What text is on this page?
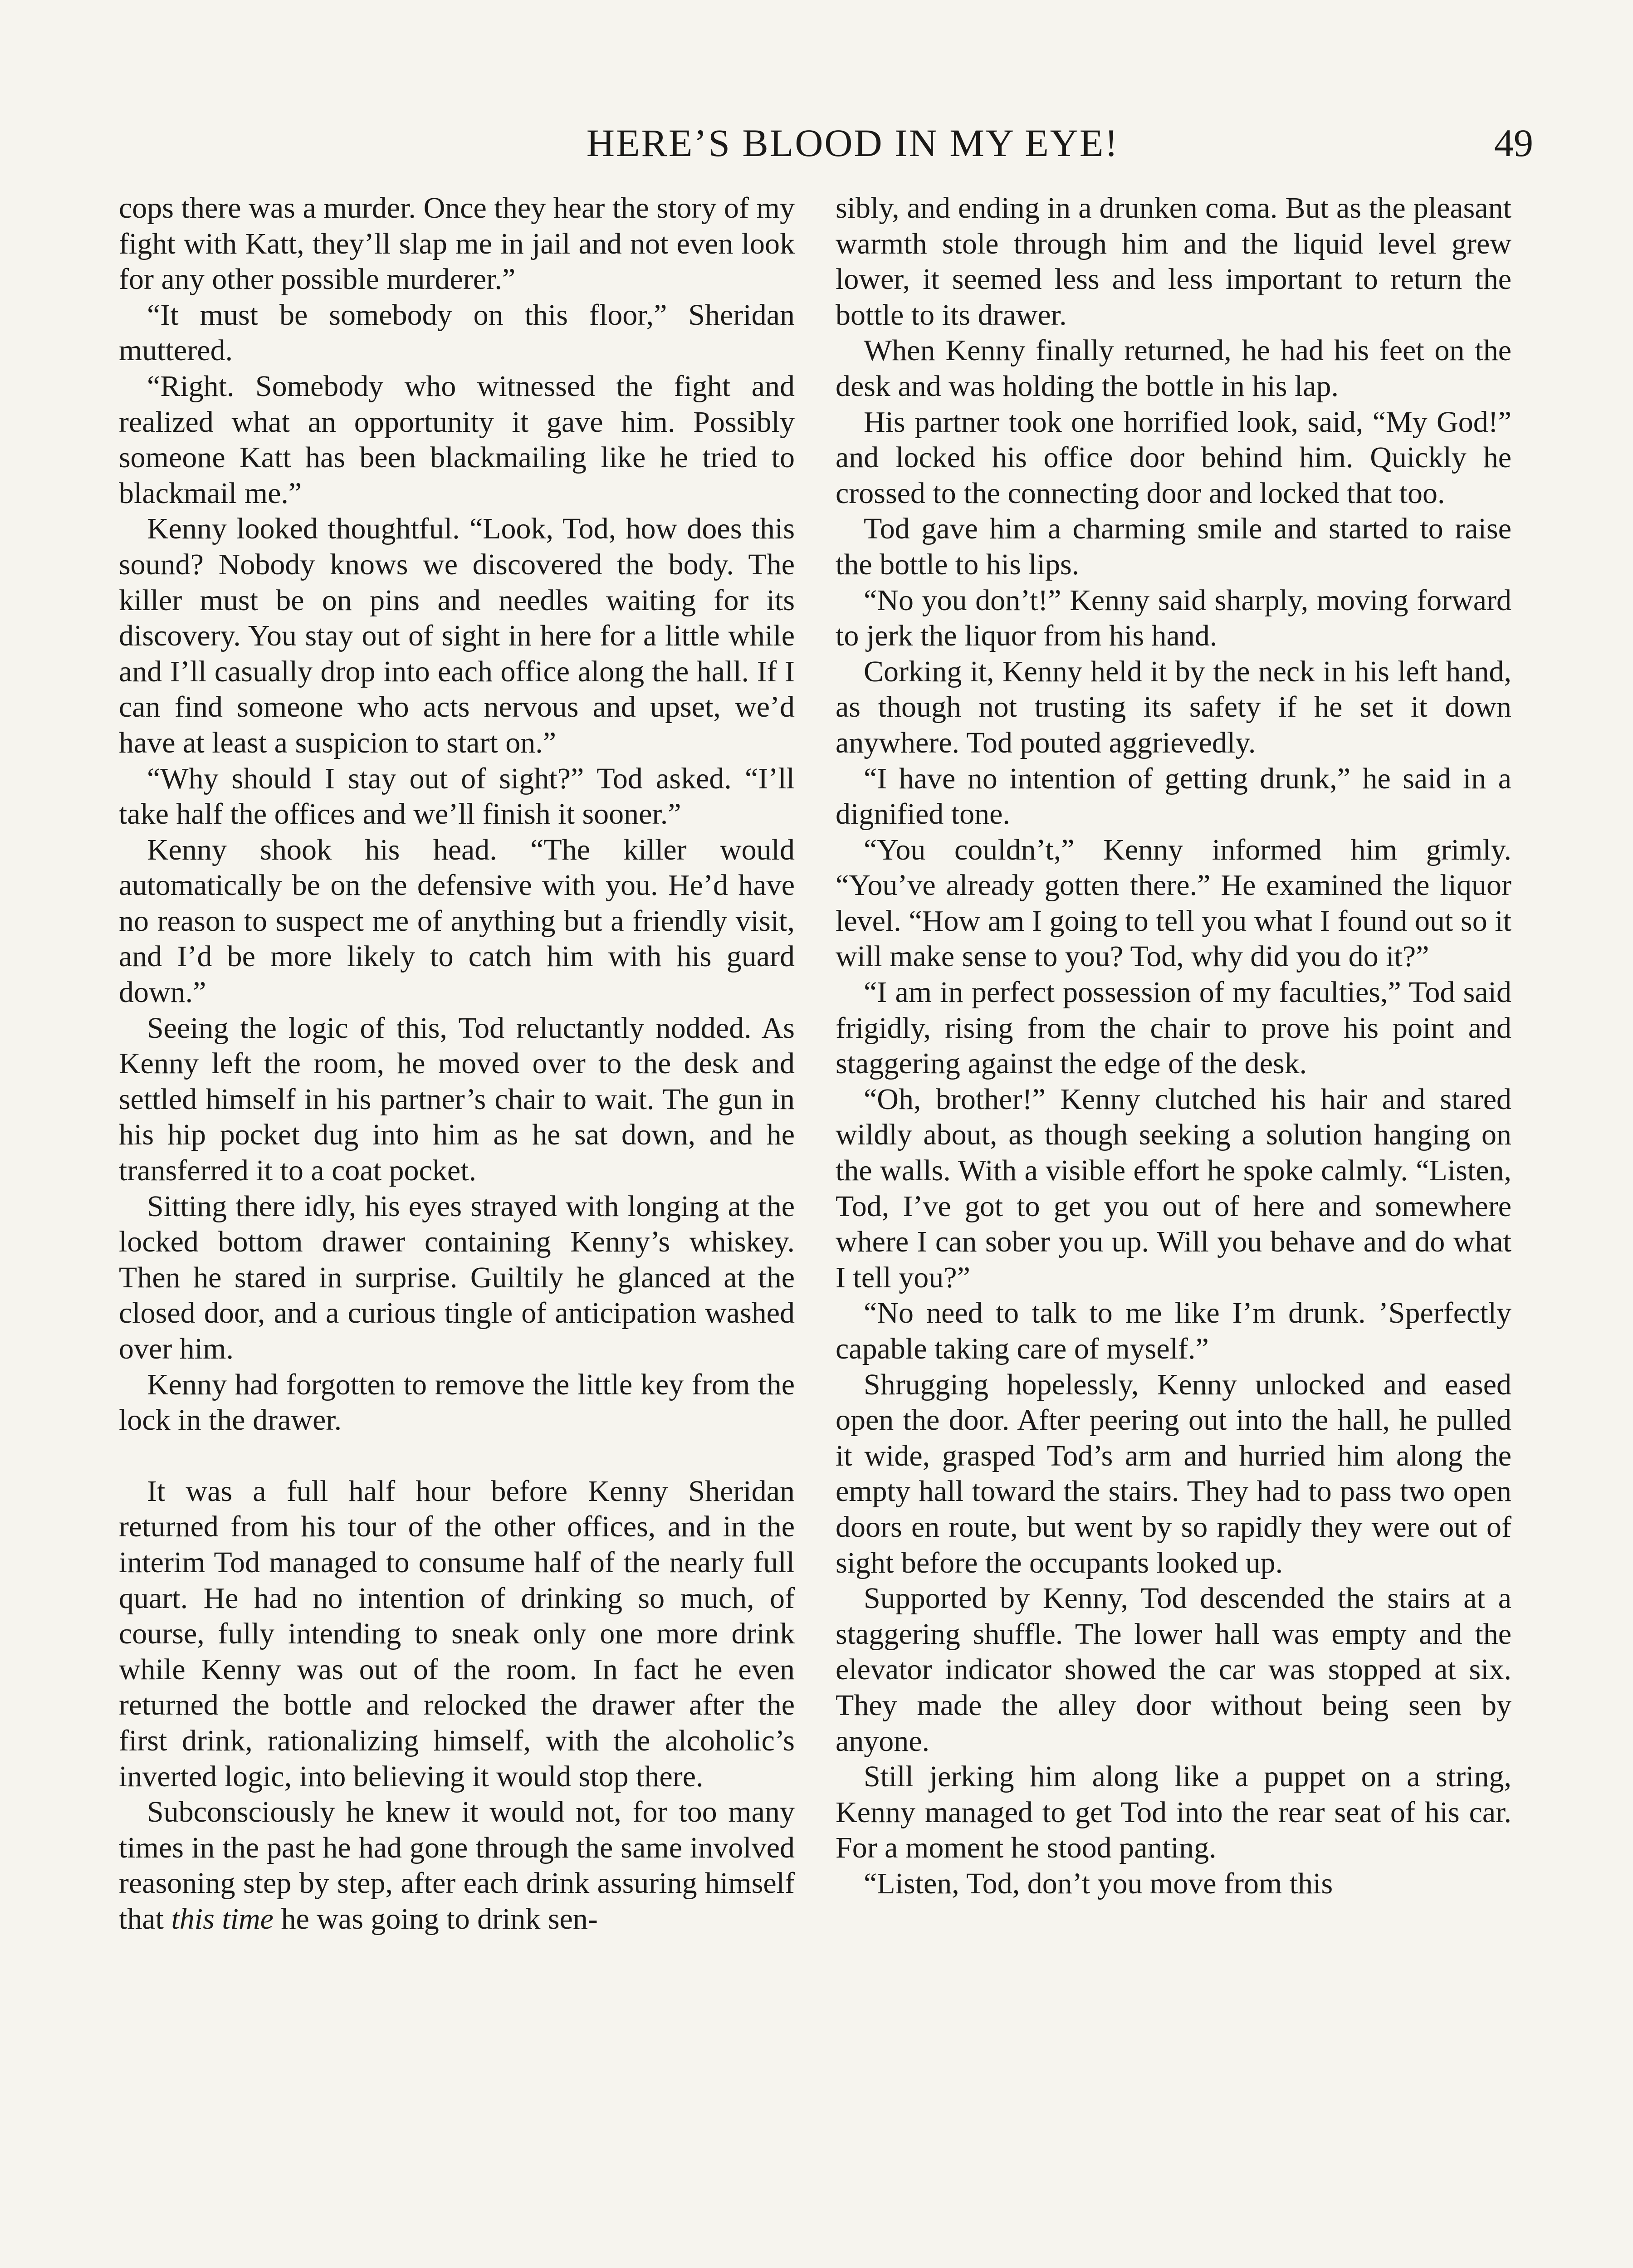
HERE’S BLOOD IN MY EYE!	49

cops there was a murder. Once they hear the story of my fight with Katt, they’ll slap me in jail and not even look for any other possible murderer.”

“It must be somebody on this floor,” Sheridan muttered.

“Right. Somebody who witnessed the fight and realized what an opportunity it gave him. Possibly someone Katt has been blackmailing like he tried to blackmail me.”

Kenny looked thoughtful. “Look, Tod, how does this sound? Nobody knows we discovered the body. The killer must be on pins and needles waiting for its discovery. You stay out of sight in here for a little while and I’ll casually drop into each office along the hall. If I can find someone who acts nervous and upset, we’d have at least a suspicion to start on.”

“Why should I stay out of sight?” Tod asked. “I’ll take half the offices and we’ll finish it sooner.”

Kenny shook his head. “The killer would automatically be on the defensive with you. He’d have no reason to suspect me of anything but a friendly visit, and I’d be more likely to catch him with his guard down.”

Seeing the logic of this, Tod reluctantly nodded. As Kenny left the room, he moved over to the desk and settled himself in his partner’s chair to wait. The gun in his hip pocket dug into him as he sat down, and he transferred it to a coat pocket.

Sitting there idly, his eyes strayed with longing at the locked bottom drawer containing Kenny’s whiskey. Then he stared in surprise. Guiltily he glanced at the closed door, and a curious tingle of anticipation washed over him.

Kenny had forgotten to remove the little key from the lock in the drawer.

It was a full half hour before Kenny Sheridan returned from his tour of the other offices, and in the interim Tod managed to consume half of the nearly full quart. He had no intention of drinking so much, of course, fully intending to sneak only one more drink while Kenny was out of the room. In fact he even returned the bottle and relocked the drawer after the first drink, rationalizing himself, with the alcoholic’s inverted logic, into believing it would stop there.

Subconsciously he knew it would not, for too many times in the past he had gone through the same involved reasoning step by step, after each drink assuring himself that this time he was going to drink sen-

sibly, and ending in a drunken coma. But as the pleasant warmth stole through him and the liquid level grew lower, it seemed less and less important to return the bottle to its drawer.

When Kenny finally returned, he had his feet on the desk and was holding the bottle in his lap.

His partner took one horrified look, said, “My God!” and locked his office door behind him. Quickly he crossed to the connecting door and locked that too.

Tod gave him a charming smile and started to raise the bottle to his lips.

“No you don’t!” Kenny said sharply, moving forward to jerk the liquor from his hand.

Corking it, Kenny held it by the neck in his left hand, as though not trusting its safety if he set it down anywhere. Tod pouted aggrievedly.

“I have no intention of getting drunk,” he said in a dignified tone.

“You couldn’t,” Kenny informed him grimly. “You’ve already gotten there.” He examined the liquor level. “How am I going to tell you what I found out so it will make sense to you? Tod, why did you do it?”

“I am in perfect possession of my faculties,” Tod said frigidly, rising from the chair to prove his point and staggering against the edge of the desk.

“Oh, brother!” Kenny clutched his hair and stared wildly about, as though seeking a solution hanging on the walls. With a visible effort he spoke calmly. “Listen, Tod, I’ve got to get you out of here and somewhere where I can sober you up. Will you behave and do what I tell you?”

“No need to talk to me like I’m drunk. ’Sperfectly capable taking care of myself.”

Shrugging hopelessly, Kenny unlocked and eased open the door. After peering out into the hall, he pulled it wide, grasped Tod’s arm and hurried him along the empty hall toward the stairs. They had to pass two open doors en route, but went by so rapidly they were out of sight before the occupants looked up.

Supported by Kenny, Tod descended the stairs at a staggering shuffle. The lower hall was empty and the elevator indicator showed the car was stopped at six. They made the alley door without being seen by anyone.

Still jerking him along like a puppet on a string, Kenny managed to get Tod into the rear seat of his car. For a moment he stood panting.

“Listen, Tod, don’t you move from this
